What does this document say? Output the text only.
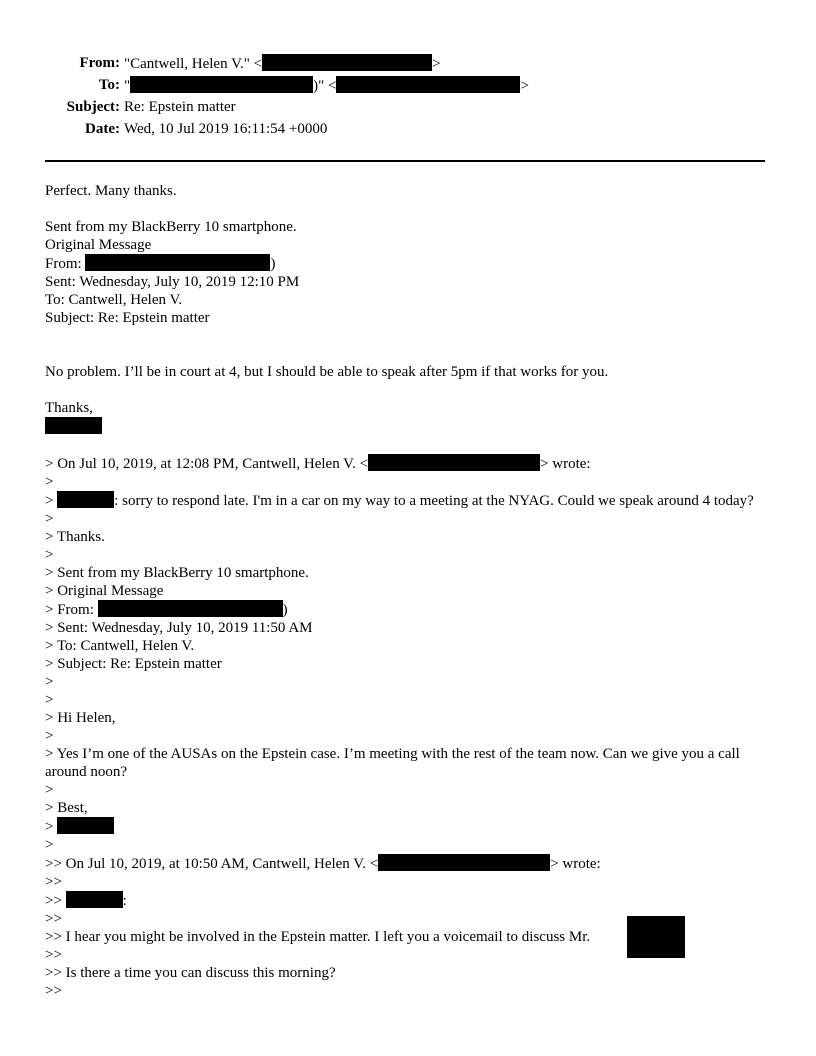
From: "Cantwell, Helen V." <	>
To: "	)" <	>
Subject: Re: Epstein matter
Date: Wed, 10 Jul 2019 16:11:54 +0000
Perfect. Many thanks.
Sent from my BlackBerry 10 smartphone.
Original Message
From:	)
Sent: Wednesday, July 10, 2019 12:10 PM
To: Cantwell, Helen V.
Subject: Re: Epstein matter
No problem. I’ll be in court at 4, but I should be able to speak after 5pm if that works for you.
Thanks,
> On Jul 10, 2019, at 12:08 PM, Cantwell, Helen V. <	> wrote:
>
>	: sorry to respond late. I'm in a car on my way to a meeting at the NYAG. Could we speak around 4 today?
>
> Thanks.
>
> Sent from my BlackBerry 10 smartphone.
> Original Message
> From:	)
> Sent: Wednesday, July 10, 2019 11:50 AM
> To: Cantwell, Helen V.
> Subject: Re: Epstein matter
>
>
> Hi Helen,
>
> Yes I’m one of the AUSAs on the Epstein case. I’m meeting with the rest of the team now. Can we give you a call around noon?
>
> Best,
>
>
>> On Jul 10, 2019, at 10:50 AM, Cantwell, Helen V. <	> wrote:
>>
>>	:
>>
>> I hear you might be involved in the Epstein matter. I left you a voicemail to discuss Mr.
>>
>> Is there a time you can discuss this morning?
>>
